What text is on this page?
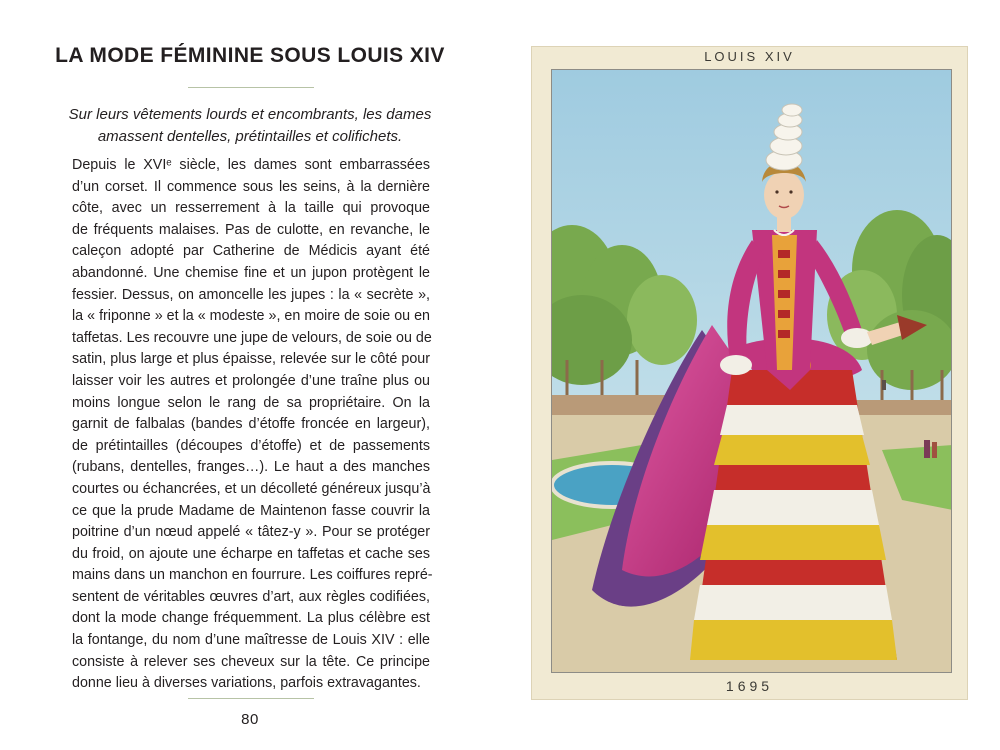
LA MODE FÉMININE SOUS LOUIS XIV
Sur leurs vêtements lourds et encombrants, les dames
amassent dentelles, prétintailles et colifichets.
Depuis le XVIᵉ siècle, les dames sont embarrassées
d’un corset. Il commence sous les seins, à la dernière
côte, avec un resserrement à la taille qui provoque
de fréquents malaises. Pas de culotte, en revanche, le
caleçon adopté par Catherine de Médicis ayant été
abandonné. Une chemise fine et un jupon protègent le
fessier. Dessus, on amoncelle les jupes : la « secrète »,
la « friponne » et la « modeste », en moire de soie ou en
taffetas. Les recouvre une jupe de velours, de soie ou de
satin, plus large et plus épaisse, relevée sur le côté pour
laisser voir les autres et prolongée d’une traîne plus ou
moins longue selon le rang de sa propriétaire. On la
garnit de falbalas (bandes d’étoffe froncée en largeur),
de prétintailles (découpes d’étoffe) et de passements
(rubans, dentelles, franges…). Le haut a des manches
courtes ou échancrées, et un décolleté généreux jusqu’à
ce que la prude Madame de Maintenon fasse couvrir la
poitrine d’un nœud appelé « tâtez-y ». Pour se protéger
du froid, on ajoute une écharpe en taffetas et cache ses
mains dans un manchon en fourrure. Les coiffures repré-
sentent de véritables œuvres d’art, aux règles codifiées,
dont la mode change fréquemment. La plus célèbre est
la fontange, du nom d’une maîtresse de Louis XIV : elle
consiste à relever ses cheveux sur la tête. Ce principe
donne lieu à diverses variations, parfois extravagantes.
80
LOUIS XIV
1695
